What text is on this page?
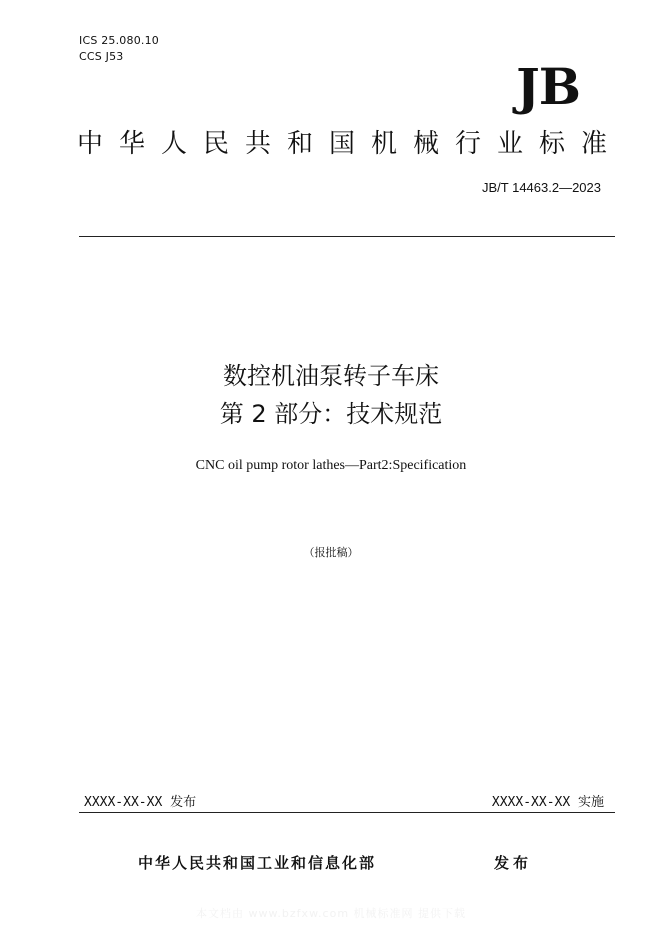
ICS 25.080.10
CCS J53
JB
中华人民共和国机械行业标准
JB/T 14463.2—2023
数控机油泵转子车床
第 2 部分：技术规范
CNC oil pump rotor lathes—Part2:Specification
（报批稿）
XXXX-XX-XX 发布	XXXX-XX-XX 实施
中华人民共和国工业和信息化部	发布
本文档由 www.bzfxw.com 机械标准网 提供下载
